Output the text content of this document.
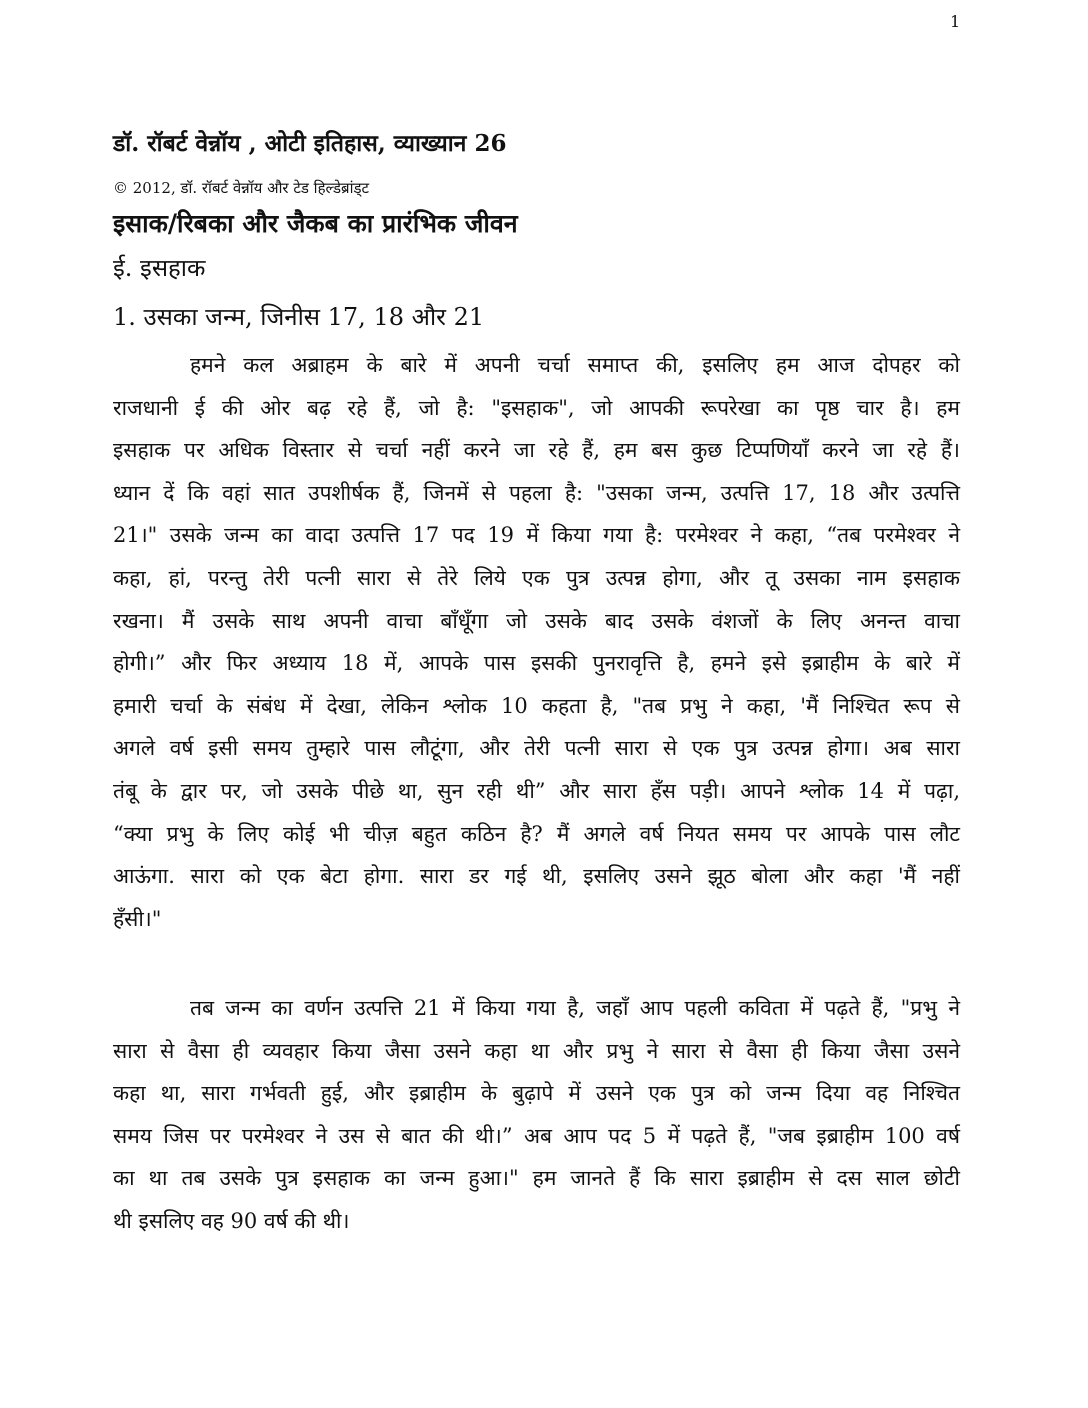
1
डॉ. रॉबर्ट वेन्नॉय , ओटी इतिहास, व्याख्यान 26
© 2012, डॉ. रॉबर्ट वेन्नॉय और टेड हिल्डेब्रांड्ट
इसाक/रिबका और जैकब का प्रारंभिक जीवन
ई. इसहाक
1. उसका जन्म, जिनीस 17, 18 और 21
हमने कल अब्राहम के बारे में अपनी चर्चा समाप्त की, इसलिए हम आज दोपहर को
राजधानी ई की ओर बढ़ रहे हैं, जो है: "इसहाक", जो आपकी रूपरेखा का पृष्ठ चार है। हम
इसहाक पर अधिक विस्तार से चर्चा नहीं करने जा रहे हैं, हम बस कुछ टिप्पणियाँ करने जा रहे हैं।
ध्यान दें कि वहां सात उपशीर्षक हैं, जिनमें से पहला है: "उसका जन्म, उत्पत्ति 17, 18 और उत्पत्ति
21।" उसके जन्म का वादा उत्पत्ति 17 पद 19 में किया गया है: परमेश्वर ने कहा, “तब परमेश्वर ने
कहा, हां, परन्तु तेरी पत्नी सारा से तेरे लिये एक पुत्र उत्पन्न होगा, और तू उसका नाम इसहाक
रखना। मैं उसके साथ अपनी वाचा बाँधूँगा जो उसके बाद उसके वंशजों के लिए अनन्त वाचा
होगी।” और फिर अध्याय 18 में, आपके पास इसकी पुनरावृत्ति है, हमने इसे इब्राहीम के बारे में
हमारी चर्चा के संबंध में देखा, लेकिन श्लोक 10 कहता है, "तब प्रभु ने कहा, 'मैं निश्चित रूप से
अगले वर्ष इसी समय तुम्हारे पास लौटूंगा, और तेरी पत्नी सारा से एक पुत्र उत्पन्न होगा। अब सारा
तंबू के द्वार पर, जो उसके पीछे था, सुन रही थी” और सारा हँस पड़ी। आपने श्लोक 14 में पढ़ा,
“क्या प्रभु के लिए कोई भी चीज़ बहुत कठिन है? मैं अगले वर्ष नियत समय पर आपके पास लौट
आऊंगा. सारा को एक बेटा होगा. सारा डर गई थी, इसलिए उसने झूठ बोला और कहा 'मैं नहीं
हँसी।"
तब जन्म का वर्णन उत्पत्ति 21 में किया गया है, जहाँ आप पहली कविता में पढ़ते हैं, "प्रभु ने
सारा से वैसा ही व्यवहार किया जैसा उसने कहा था और प्रभु ने सारा से वैसा ही किया जैसा उसने
कहा था, सारा गर्भवती हुई, और इब्राहीम के बुढ़ापे में उसने एक पुत्र को जन्म दिया वह निश्चित
समय जिस पर परमेश्वर ने उस से बात की थी।” अब आप पद 5 में पढ़ते हैं, "जब इब्राहीम 100 वर्ष
का था तब उसके पुत्र इसहाक का जन्म हुआ।" हम जानते हैं कि सारा इब्राहीम से दस साल छोटी
थी इसलिए वह 90 वर्ष की थी।
